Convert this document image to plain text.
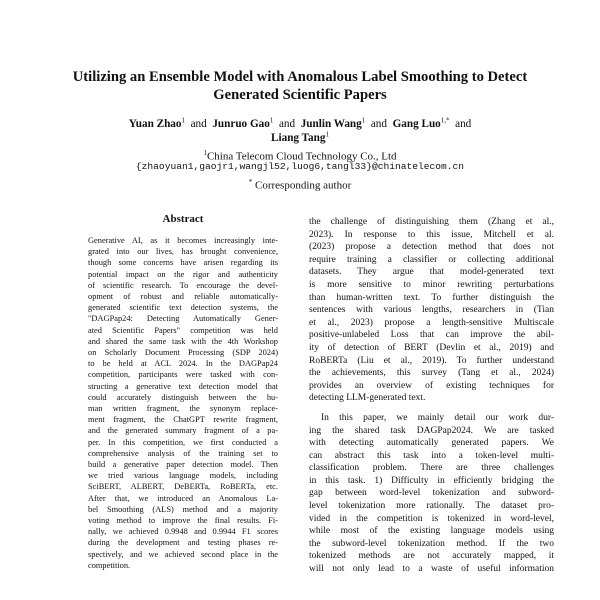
Utilizing an Ensemble Model with Anomalous Label Smoothing to Detect
Generated Scientific Papers
Yuan Zhao$^1$ and Junruo Gao$^1$ and Junlin Wang$^1$ and Gang Luo$^{1,*}$ and
Liang Tang$^1$
$^1$China Telecom Cloud Technology Co., Ltd
{zhaoyuan1,gaojr1,wangjl52,luog6,tangl33}@chinatelecom.cn
* Corresponding author
Abstract
Generative AI, as it becomes increasingly inte-
grated into our lives, has brought convenience,
though some concerns have arisen regarding its
potential impact on the rigor and authenticity
of scientific research. To encourage the devel-
opment of robust and reliable automatically-
generated scientific text detection systems, the
"DAGPap24: Detecting Automatically Gener-
ated Scientific Papers" competition was held
and shared the same task with the 4th Workshop
on Scholarly Document Processing (SDP 2024)
to be held at ACL 2024. In the DAGPap24
competition, participants were tasked with con-
structing a generative text detection model that
could accurately distinguish between the hu-
man written fragment, the synonym replace-
ment fragment, the ChatGPT rewrite fragment,
and the generated summary fragment of a pa-
per. In this competition, we first conducted a
comprehensive analysis of the training set to
build a generative paper detection model. Then
we tried various language models, including
SciBERT, ALBERT, DeBERTa, RoBERTa, etc.
After that, we introduced an Anomalous La-
bel Smoothing (ALS) method and a majority
voting method to improve the final results. Fi-
nally, we achieved 0.9948 and 0.9944 F1 scores
during the development and testing phases re-
spectively, and we achieved second place in the
competition.
the challenge of distinguishing them (Zhang et al.,
2023). In response to this issue, Mitchell et al.
(2023) propose a detection method that does not
require training a classifier or collecting additional
datasets. They argue that model-generated text
is more sensitive to minor rewriting perturbations
than human-written text. To further distinguish the
sentences with various lengths, researchers in (Tian
et al., 2023) propose a length-sensitive Multiscale
positive-unlabeled Loss that can improve the abil-
ity of detection of BERT (Devlin et al., 2019) and
RoBERTa (Liu et al., 2019). To further understand
the achievements, this survey (Tang et al., 2024)
provides an overview of existing techniques for
detecting LLM-generated text.
In this paper, we mainly detail our work dur-
ing the shared task DAGPap2024. We are tasked
with detecting automatically generated papers. We
can abstract this task into a token-level multi-
classification problem. There are three challenges
in this task. 1) Difficulty in efficiently bridging the
gap between word-level tokenization and subword-
level tokenization more rationally. The dataset pro-
vided in the competition is tokenized in word-level,
while most of the existing language models using
the subword-level tokenization method. If the two
tokenized methods are not accurately mapped, it
will not only lead to a waste of useful information
